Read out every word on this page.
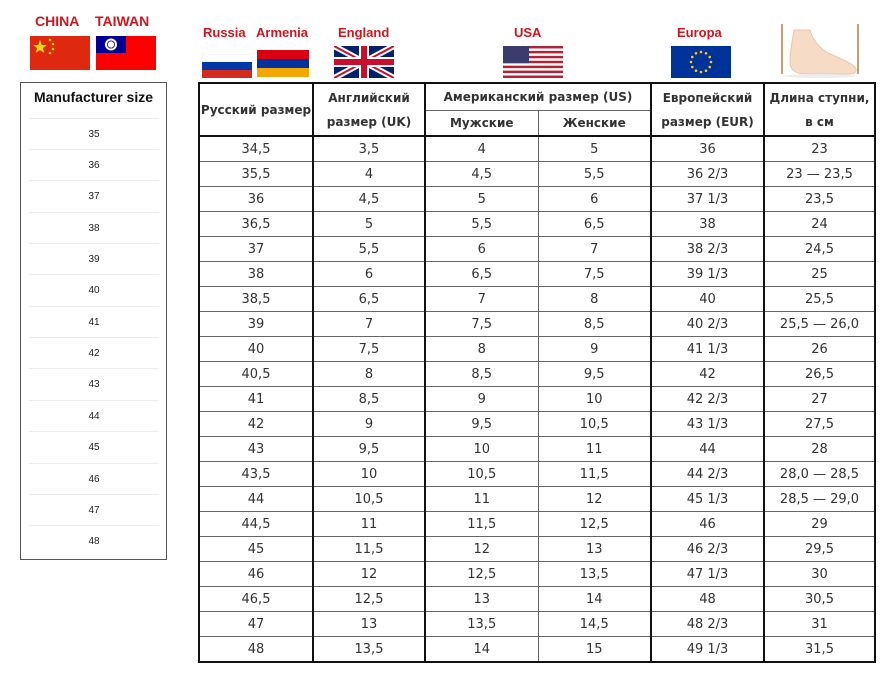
CHINA TAIWAN
Russia Armenia England	USA	Europa
Manufacturer size
35
36
37
38
39
40
41
42
43
44
45
46
47
48
Русский размер	Английский размер (UK)	Американский размер (US)		Европейский размер (EUR)	Длина ступни, в см
		Мужские	Женские		
34,5	3,5	4	5	36	23
35,5	4	4,5	5,5	36 2/3	23 — 23,5
36	4,5	5	6	37 1/3	23,5
36,5	5	5,5	6,5	38	24
37	5,5	6	7	38 2/3	24,5
38	6	6,5	7,5	39 1/3	25
38,5	6,5	7	8	40	25,5
39	7	7,5	8,5	40 2/3	25,5 — 26,0
40	7,5	8	9	41 1/3	26
40,5	8	8,5	9,5	42	26,5
41	8,5	9	10	42 2/3	27
42	9	9,5	10,5	43 1/3	27,5
43	9,5	10	11	44	28
43,5	10	10,5	11,5	44 2/3	28,0 — 28,5
44	10,5	11	12	45 1/3	28,5 — 29,0
44,5	11	11,5	12,5	46	29
45	11,5	12	13	46 2/3	29,5
46	12	12,5	13,5	47 1/3	30
46,5	12,5	13	14	48	30,5
47	13	13,5	14,5	48 2/3	31
48	13,5	14	15	49 1/3	31,5
